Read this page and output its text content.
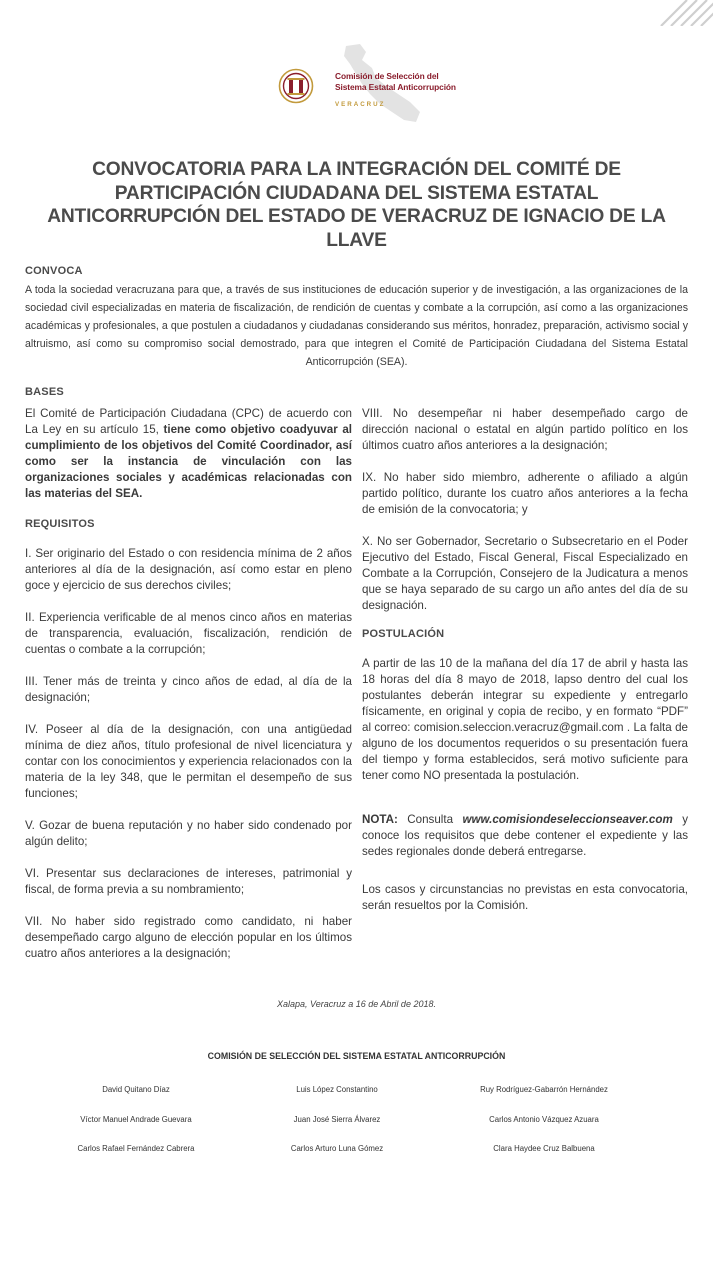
Comisión de Selección del
Sistema Estatal Anticorrupción
VERACRUZ
CONVOCATORIA PARA LA INTEGRACIÓN DEL COMITÉ DE PARTICIPACIÓN CIUDADANA DEL SISTEMA ESTATAL ANTICORRUPCIÓN DEL ESTADO DE VERACRUZ DE IGNACIO DE LA LLAVE
CONVOCA
A toda la sociedad veracruzana para que, a través de sus instituciones de educación superior y de investigación, a las organizaciones de la sociedad civil especializadas en materia de fiscalización, de rendición de cuentas y combate a la corrupción, así como a las organizaciones académicas y profesionales, a que postulen a ciudadanos y ciudadanas considerando sus méritos, honradez, preparación, activismo social y altruismo, así como su compromiso social demostrado, para que integren el Comité de Participación Ciudadana del Sistema Estatal Anticorrupción (SEA).
BASES

El Comité de Participación Ciudadana (CPC) de acuerdo con La Ley en su artículo 15, tiene como objetivo coadyuvar al cumplimiento de los objetivos del Comité Coordinador, así como ser la instancia de vinculación con las organizaciones sociales y académicas relacionadas con las materias del SEA.

REQUISITOS

I. Ser originario del Estado o con residencia mínima de 2 años anteriores al día de la designación, así como estar en pleno goce y ejercicio de sus derechos civiles;

II. Experiencia verificable de al menos cinco años en materias de transparencia, evaluación, fiscalización, rendición de cuentas o combate a la corrupción;

III. Tener más de treinta y cinco años de edad, al día de la designación;

IV. Poseer al día de la designación, con una antigüedad mínima de diez años, título profesional de nivel licenciatura y contar con los conocimientos y experiencia relacionados con la materia de la ley 348, que le permitan el desempeño de sus funciones;

V. Gozar de buena reputación y no haber sido condenado por algún delito;

VI. Presentar sus declaraciones de intereses, patrimonial y fiscal, de forma previa a su nombramiento;

VII. No haber sido registrado como candidato, ni haber desempeñado cargo alguno de elección popular en los últimos cuatro años anteriores a la designación;

VIII. No desempeñar ni haber desempeñado cargo de dirección nacional o estatal en algún partido político en los últimos cuatro años anteriores a la designación;

IX. No haber sido miembro, adherente o afiliado a algún partido político, durante los cuatro años anteriores a la fecha de emisión de la convocatoria; y

X. No ser Gobernador, Secretario o Subsecretario en el Poder Ejecutivo del Estado, Fiscal General, Fiscal Especializado en Combate a la Corrupción, Consejero de la Judicatura a menos que se haya separado de su cargo un año antes del día de su designación.

POSTULACIÓN

A partir de las 10 de la mañana del día 17 de abril y hasta las 18 horas del día 8 mayo de 2018, lapso dentro del cual los postulantes deberán integrar su expediente y entregarlo físicamente, en original y copia de recibo, y en formato “PDF” al correo: comision.seleccion.veracruz@gmail.com . La falta de alguno de los documentos requeridos o su presentación fuera del tiempo y forma establecidos, será motivo suficiente para tener como NO presentada la postulación.

NOTA: Consulta www.comisiondeseleccionseaver.com y conoce los requisitos que debe contener el expediente y las sedes regionales donde deberá entregarse.

Los casos y circunstancias no previstas en esta convocatoria, serán resueltos por la Comisión.

Xalapa, Veracruz a 16 de Abril de 2018.
COMISIÓN DE SELECCIÓN DEL SISTEMA ESTATAL ANTICORRUPCIÓN
David Quitano Díaz	Luis López Constantino	Ruy Rodríguez-Gabarrón Hernández
Víctor Manuel Andrade Guevara	Juan José Sierra Álvarez	Carlos Antonio Vázquez Azuara
Carlos Rafael Fernández Cabrera	Carlos Arturo Luna Gómez	Clara Haydee Cruz Balbuena
